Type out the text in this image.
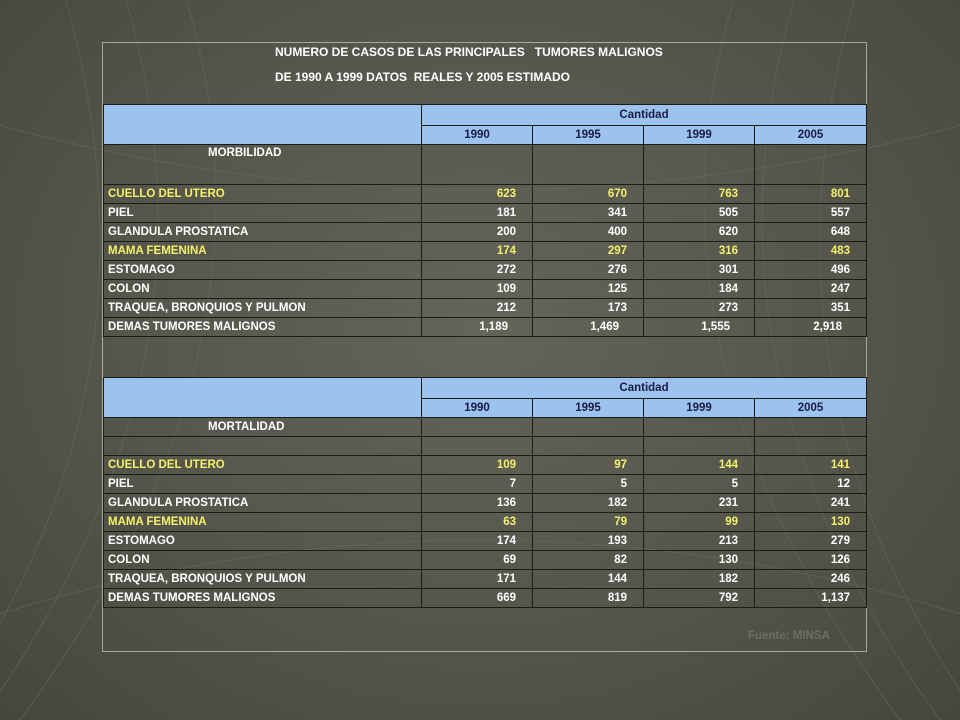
NUMERO DE CASOS DE LAS PRINCIPALES   TUMORES MALIGNOS
DE 1990 A 1999 DATOS  REALES Y 2005 ESTIMADO
	Cantidad			
	1990	1995	1999	2005
MORBILIDAD				
CUELLO DEL UTERO	623	670	763	801
PIEL	181	341	505	557
GLANDULA PROSTATICA	200	400	620	648
MAMA FEMENINA	174	297	316	483
ESTOMAGO	272	276	301	496
COLON	109	125	184	247
TRAQUEA, BRONQUIOS Y PULMON	212	173	273	351
DEMAS TUMORES MALIGNOS	1,189	1,469	1,555	2,918
	Cantidad			
	1990	1995	1999	2005
MORTALIDAD				

CUELLO DEL UTERO	109	97	144	141
PIEL	7	5	5	12
GLANDULA PROSTATICA	136	182	231	241
MAMA FEMENINA	63	79	99	130
ESTOMAGO	174	193	213	279
COLON	69	82	130	126
TRAQUEA, BRONQUIOS Y PULMON	171	144	182	246
DEMAS TUMORES MALIGNOS	669	819	792	1,137
Fuente: MINSA
